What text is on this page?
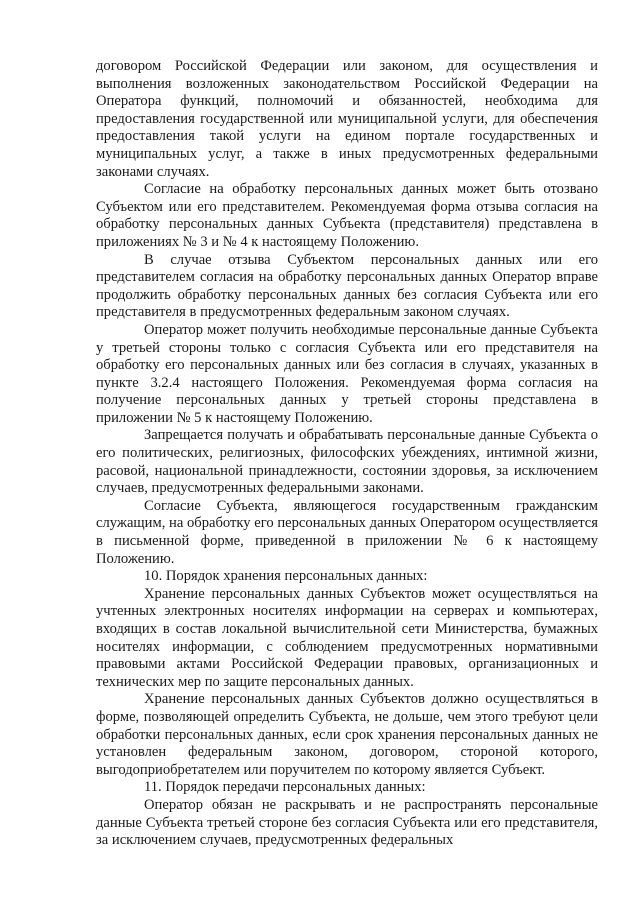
договором Российской Федерации или законом, для осуществления и выполнения возложенных законодательством Российской Федерации на Оператора функций, полномочий и обязанностей, необходима для предоставления государственной или муниципальной услуги, для обеспечения предоставления такой услуги на едином портале государственных и муниципальных услуг, а также в иных предусмотренных федеральными законами случаях.

Согласие на обработку персональных данных может быть отозвано Субъектом или его представителем. Рекомендуемая форма отзыва согласия на обработку персональных данных Субъекта (представителя) представлена в приложениях № 3 и № 4 к настоящему Положению.

В случае отзыва Субъектом персональных данных или его представителем согласия на обработку персональных данных Оператор вправе продолжить обработку персональных данных без согласия Субъекта или его представителя в предусмотренных федеральным законом случаях.

Оператор может получить необходимые персональные данные Субъекта у третьей стороны только с согласия Субъекта или его представителя на обработку его персональных данных или без согласия в случаях, указанных в пункте 3.2.4 настоящего Положения. Рекомендуемая форма согласия на получение персональных данных у третьей стороны представлена в приложении № 5 к настоящему Положению.

Запрещается получать и обрабатывать персональные данные Субъекта о его политических, религиозных, философских убеждениях, интимной жизни, расовой, национальной принадлежности, состоянии здоровья, за исключением случаев, предусмотренных федеральными законами.

Согласие Субъекта, являющегося государственным гражданским служащим, на обработку его персональных данных Оператором осуществляется в письменной форме, приведенной в приложении № 6 к настоящему Положению.

10. Порядок хранения персональных данных:

Хранение персональных данных Субъектов может осуществляться на учтенных электронных носителях информации на серверах и компьютерах, входящих в состав локальной вычислительной сети Министерства, бумажных носителях информации, с соблюдением предусмотренных нормативными правовыми актами Российской Федерации правовых, организационных и технических мер по защите персональных данных.

Хранение персональных данных Субъектов должно осуществляться в форме, позволяющей определить Субъекта, не дольше, чем этого требуют цели обработки персональных данных, если срок хранения персональных данных не установлен федеральным законом, договором, стороной которого, выгодоприобретателем или поручителем по которому является Субъект.

11. Порядок передачи персональных данных:

Оператор обязан не раскрывать и не распространять персональные данные Субъекта третьей стороне без согласия Субъекта или его представителя, за исключением случаев, предусмотренных федеральных
